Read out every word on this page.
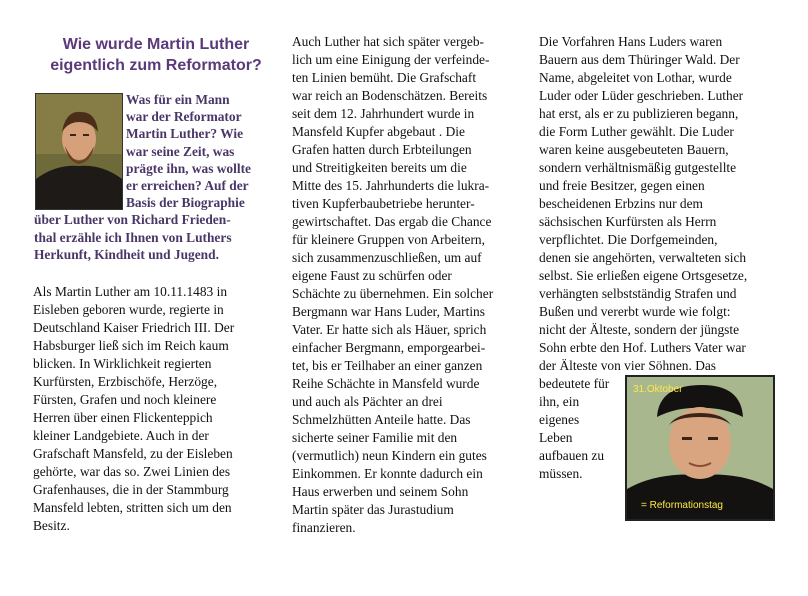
Wie wurde Martin Luther
eigentlich zum Reformator?
Was für ein Mann
war der Reformator
Martin Luther? Wie
war seine Zeit, was
prägte ihn, was wollte
er erreichen? Auf der
Basis der Biographie
über Luther von Richard Frieden-
thal erzähle ich Ihnen von Luthers
Herkunft, Kindheit und Jugend.
Als Martin Luther am 10.11.1483 in
Eisleben geboren wurde, regierte in
Deutschland Kaiser Friedrich III. Der
Habsburger ließ sich im Reich kaum
blicken. In Wirklichkeit regierten
Kurfürsten, Erzbischöfe, Herzöge,
Fürsten, Grafen und noch kleinere
Herren über einen Flickenteppich
kleiner Landgebiete. Auch in der
Grafschaft Mansfeld, zu der Eisleben
gehörte, war das so. Zwei Linien des
Grafenhauses, die in der Stammburg
Mansfeld lebten, stritten sich um den
Besitz.
Auch Luther hat sich später vergeb-
lich um eine Einigung der verfeinde-
ten Linien bemüht. Die Grafschaft
war reich an Bodenschätzen. Bereits
seit dem 12. Jahrhundert wurde in
Mansfeld Kupfer abgebaut . Die
Grafen hatten durch Erbteilungen
und Streitigkeiten bereits um die
Mitte des 15. Jahrhunderts die lukra-
tiven Kupferbaubetriebe herunter-
gewirtschaftet. Das ergab die Chance
für kleinere Gruppen von Arbeitern,
sich zusammenzuschließen, um auf
eigene Faust zu schürfen oder
Schächte zu übernehmen. Ein solcher
Bergmann war Hans Luder, Martins
Vater. Er hatte sich als Häuer, sprich
einfacher Bergmann, emporgearbei-
tet, bis er Teilhaber an einer ganzen
Reihe Schächte in Mansfeld wurde
und auch als Pächter an drei
Schmelzhütten Anteile hatte. Das
sicherte seiner Familie mit den
(vermutlich) neun Kindern ein gutes
Einkommen. Er konnte dadurch ein
Haus erwerben und seinem Sohn
Martin später das Jurastudium
finanzieren.
Die Vorfahren Hans Luders waren
Bauern aus dem Thüringer Wald. Der
Name, abgeleitet von Lothar, wurde
Luder oder Lüder geschrieben. Luther
hat erst, als er zu publizieren begann,
die Form Luther gewählt. Die Luder
waren keine ausgebeuteten Bauern,
sondern verhältnismäßig gutgestellte
und freie Besitzer, gegen einen
bescheidenen Erbzins nur dem
sächsischen Kurfürsten als Herrn
verpflichtet. Die Dorfgemeinden,
denen sie angehörten, verwalteten sich
selbst. Sie erließen eigene Ortsgesetze,
verhängten selbstständig Strafen und
Bußen und vererbt wurde wie folgt:
nicht der Älteste, sondern der jüngste
Sohn erbte den Hof. Luthers Vater war
der Älteste von vier Söhnen. Das
bedeutete für
ihn, ein
eigenes
Leben
aufbauen zu
müssen.
31.Oktober
= Reformationstag
